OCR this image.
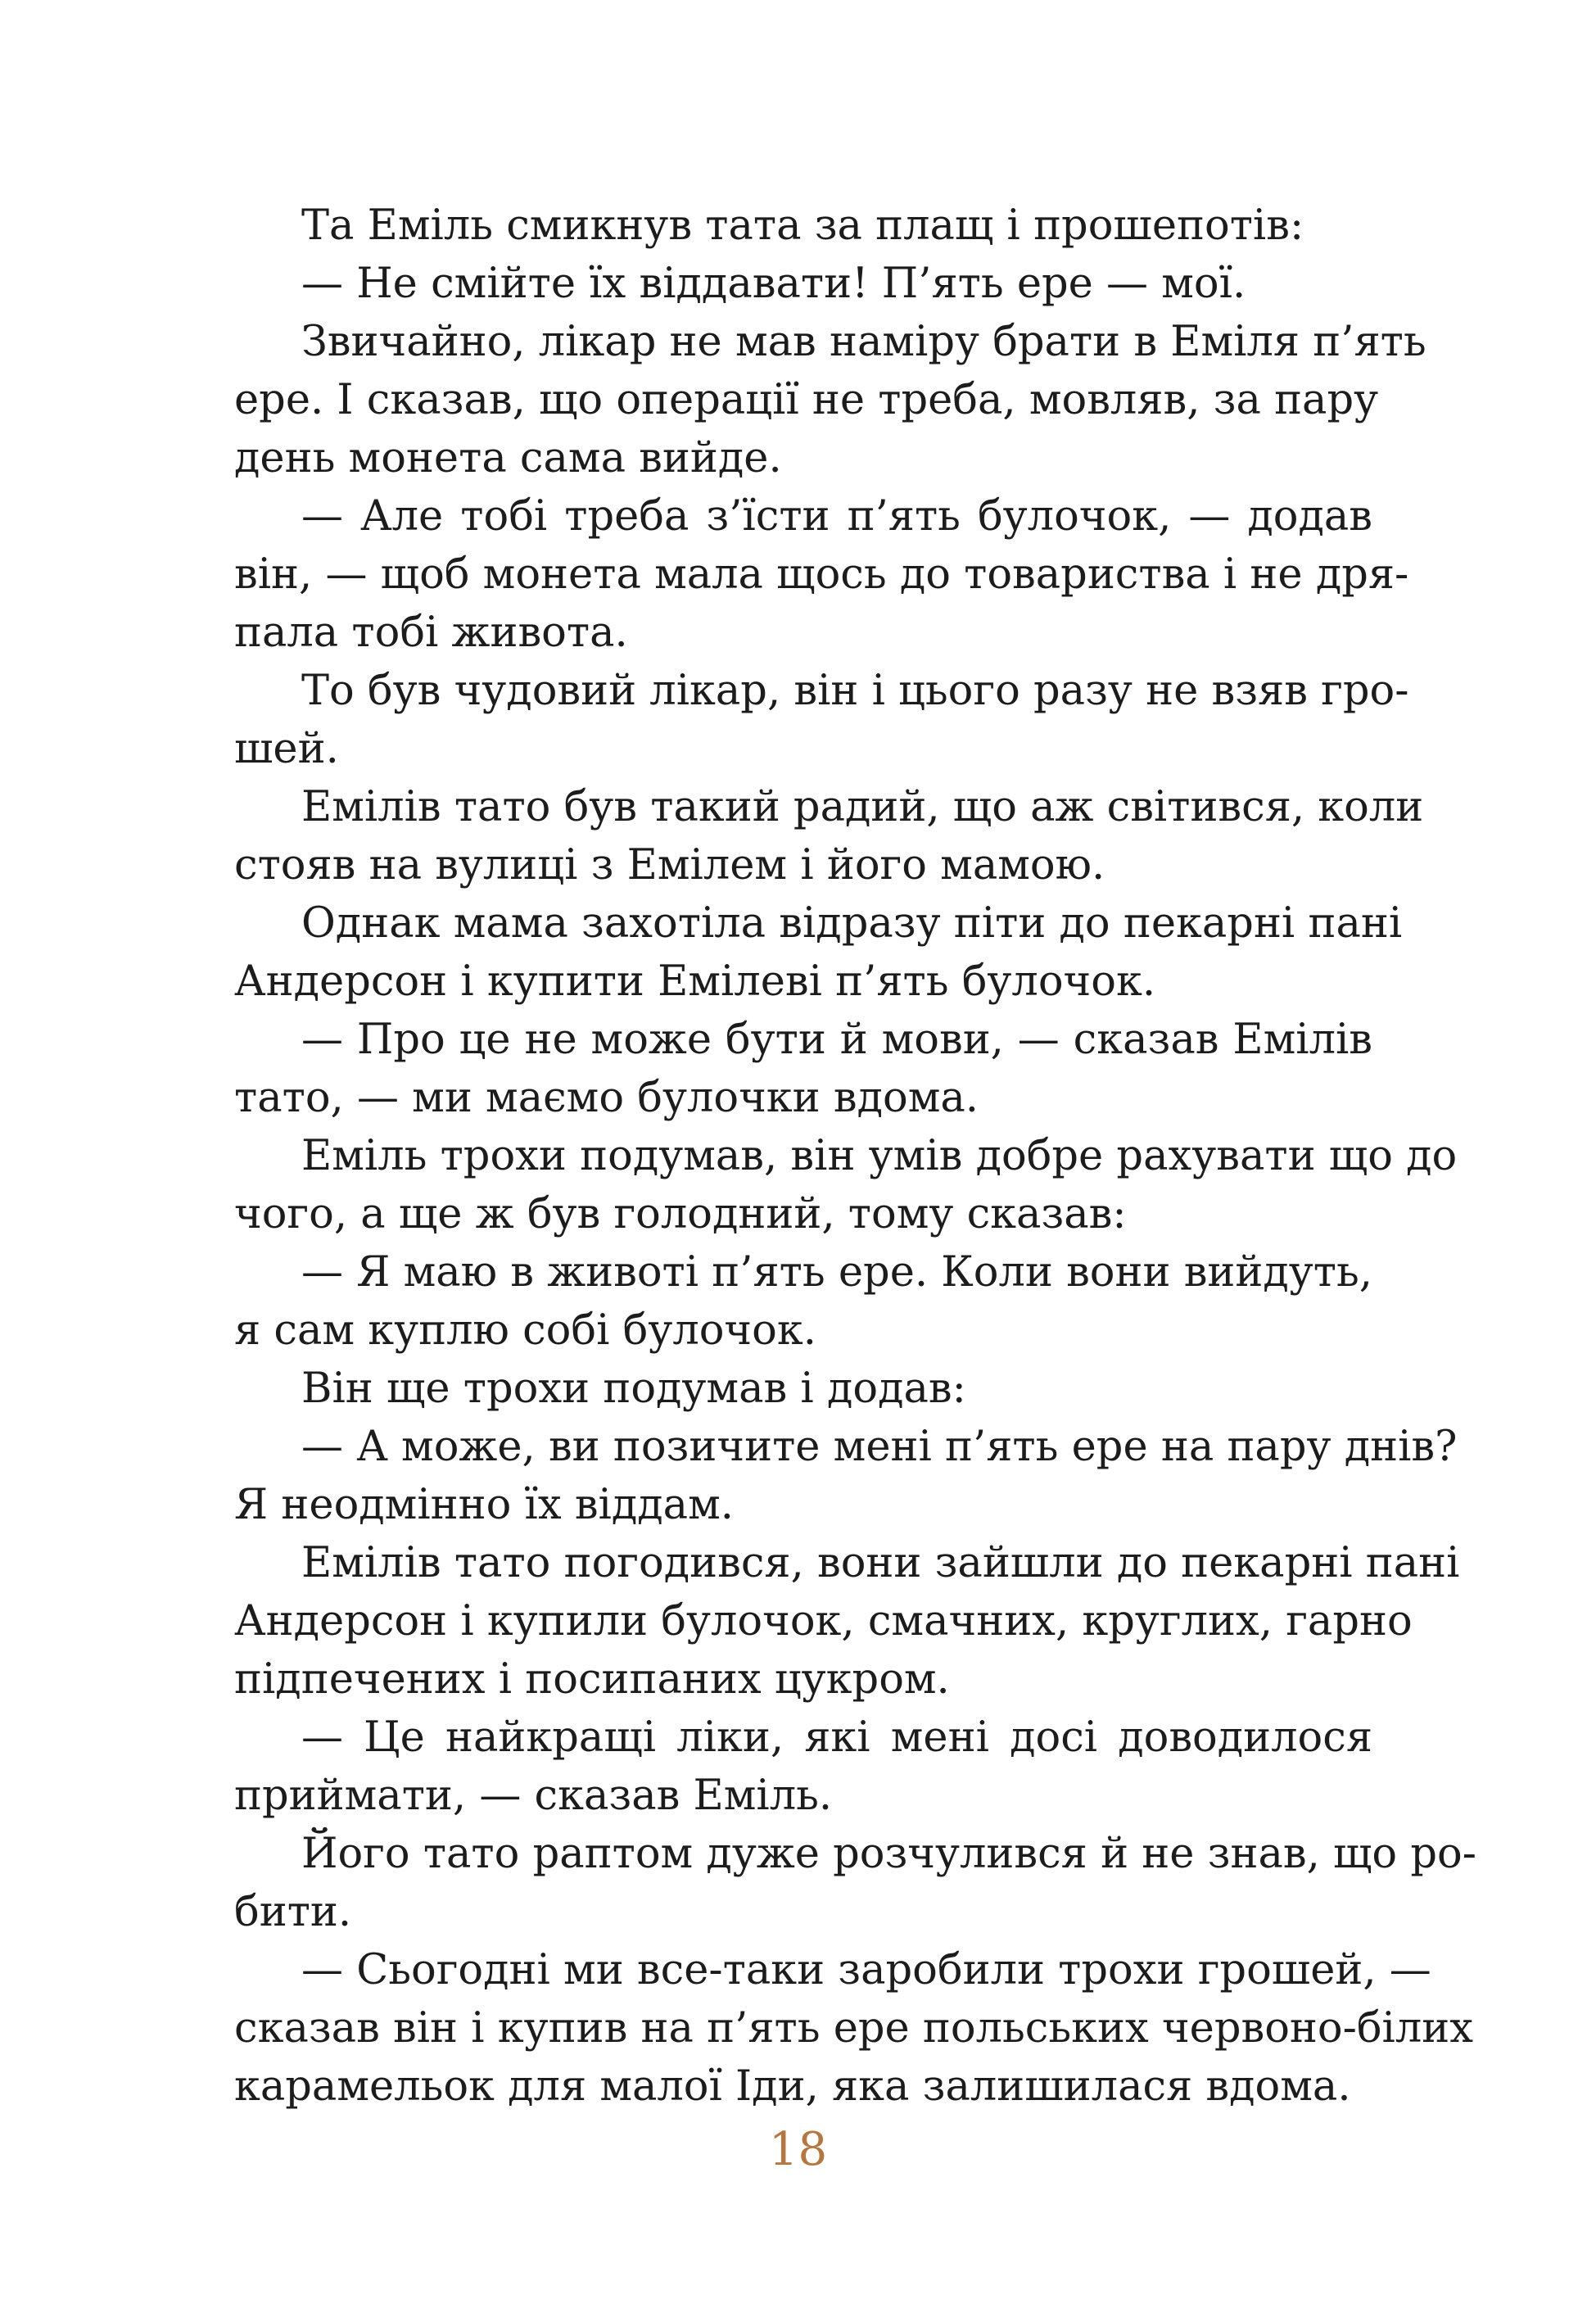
Та Еміль смикнув тата за плащ і прошепотів:
— Не смійте їх віддавати! П’ять ере — мої.
Звичайно, лікар не мав наміру брати в Еміля п’ять
ере. І сказав, що операції не треба, мовляв, за пару
день монета сама вийде.
— Але тобі треба з’їсти п’ять булочок, — додав
він, — щоб монета мала щось до товариства і не дря-
пала тобі живота.
То був чудовий лікар, він і цього разу не взяв гро-
шей.
Емілів тато був такий радий, що аж світився, коли
стояв на вулиці з Емілем і його мамою.
Однак мама захотіла відразу піти до пекарні пані
Андерсон і купити Емілеві п’ять булочок.
— Про це не може бути й мови, — сказав Емілів
тато, — ми маємо булочки вдома.
Еміль трохи подумав, він умів добре рахувати що до
чого, а ще ж був голодний, тому сказав:
— Я маю в животі п’ять ере. Коли вони вийдуть,
я сам куплю собі булочок.
Він ще трохи подумав і додав:
— А може, ви позичите мені п’ять ере на пару днів?
Я неодмінно їх віддам.
Емілів тато погодився, вони зайшли до пекарні пані
Андерсон і купили булочок, смачних, круглих, гарно
підпечених і посипаних цукром.
— Це найкращі ліки, які мені досі доводилося
приймати, — сказав Еміль.
Його тато раптом дуже розчулився й не знав, що ро-
бити.
— Сьогодні ми все-таки заробили трохи грошей, —
сказав він і купив на п’ять ере польських червоно-білих
карамельок для малої Іди, яка залишилася вдома.
18
